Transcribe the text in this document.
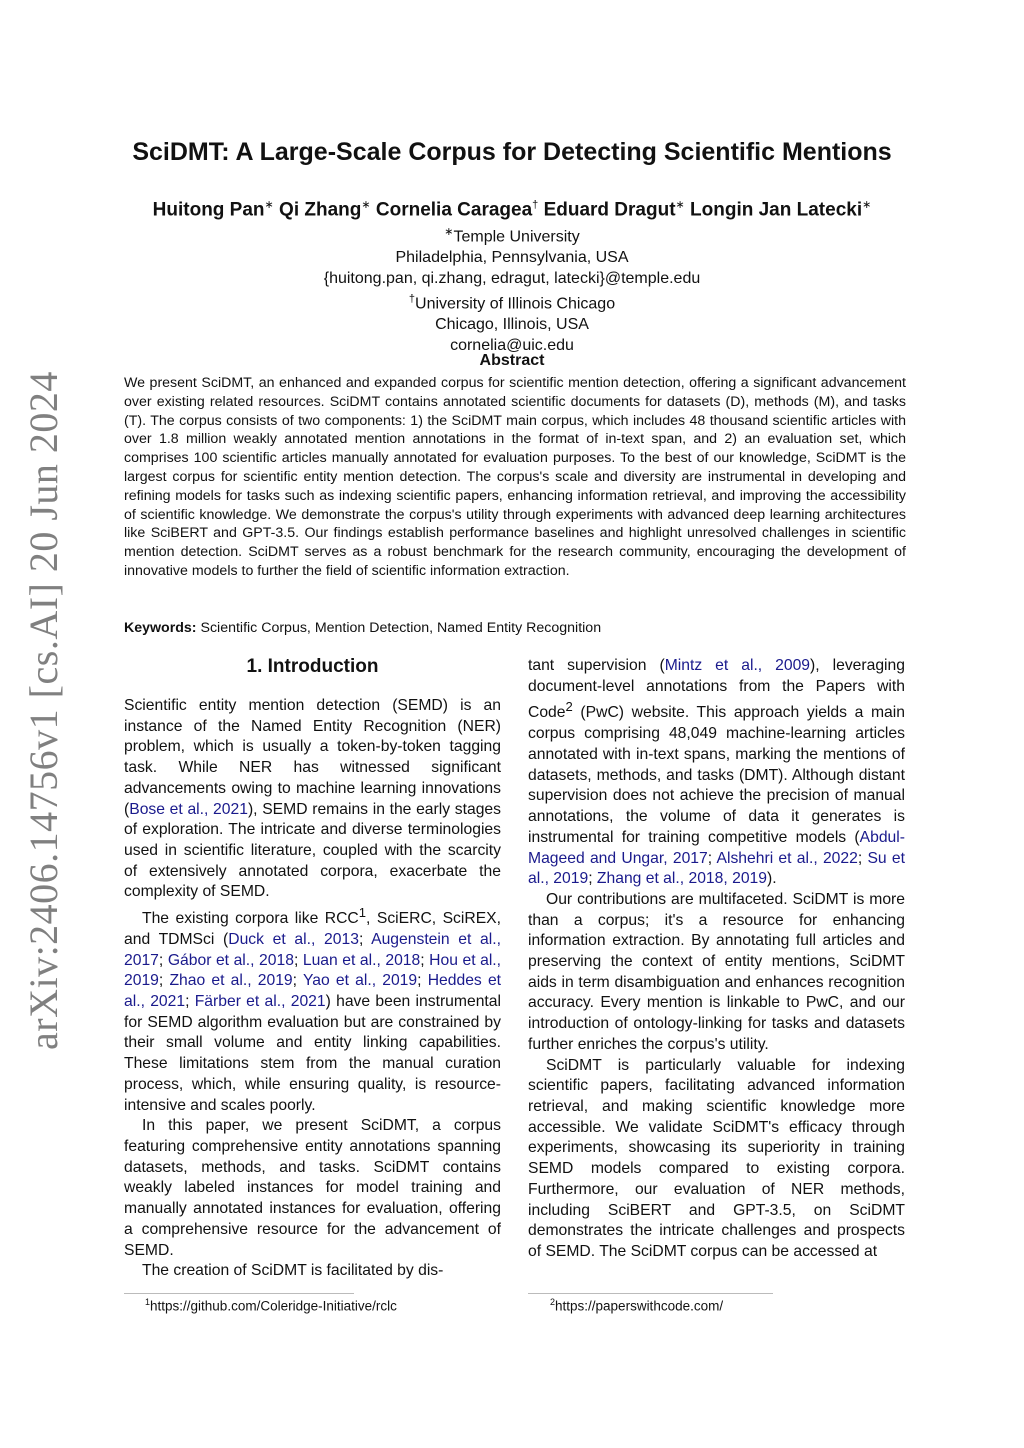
arXiv:2406.14756v1 [cs.AI] 20 Jun 2024
SciDMT: A Large-Scale Corpus for Detecting Scientific Mentions
Huitong Pan∗ Qi Zhang∗ Cornelia Caragea† Eduard Dragut∗ Longin Jan Latecki∗
∗Temple University
Philadelphia, Pennsylvania, USA
{huitong.pan, qi.zhang, edragut, latecki}@temple.edu
†University of Illinois Chicago
Chicago, Illinois, USA
cornelia@uic.edu
Abstract
We present SciDMT, an enhanced and expanded corpus for scientific mention detection, offering a significant advancement over existing related resources. SciDMT contains annotated scientific documents for datasets (D), methods (M), and tasks (T). The corpus consists of two components: 1) the SciDMT main corpus, which includes 48 thousand scientific articles with over 1.8 million weakly annotated mention annotations in the format of in-text span, and 2) an evaluation set, which comprises 100 scientific articles manually annotated for evaluation purposes. To the best of our knowledge, SciDMT is the largest corpus for scientific entity mention detection. The corpus's scale and diversity are instrumental in developing and refining models for tasks such as indexing scientific papers, enhancing information retrieval, and improving the accessibility of scientific knowledge. We demonstrate the corpus's utility through experiments with advanced deep learning architectures like SciBERT and GPT-3.5. Our findings establish performance baselines and highlight unresolved challenges in scientific mention detection. SciDMT serves as a robust benchmark for the research community, encouraging the development of innovative models to further the field of scientific information extraction.
Keywords: Scientific Corpus, Mention Detection, Named Entity Recognition
1. Introduction

Scientific entity mention detection (SEMD) is an instance of the Named Entity Recognition (NER) problem, which is usually a token-by-token tagging task. While NER has witnessed significant advancements owing to machine learning innovations (Bose et al., 2021), SEMD remains in the early stages of exploration. The intricate and diverse terminologies used in scientific literature, coupled with the scarcity of extensively annotated corpora, exacerbate the complexity of SEMD.

The existing corpora like RCC$^1$, SciERC, SciREX, and TDMSci (Duck et al., 2013; Augenstein et al., 2017; Gábor et al., 2018; Luan et al., 2018; Hou et al., 2019; Zhao et al., 2019; Yao et al., 2019; Heddes et al., 2021; Färber et al., 2021) have been instrumental for SEMD algorithm evaluation but are constrained by their small volume and entity linking capabilities. These limitations stem from the manual curation process, which, while ensuring quality, is resource-intensive and scales poorly.

In this paper, we present SciDMT, a corpus featuring comprehensive entity annotations spanning datasets, methods, and tasks. SciDMT contains weakly labeled instances for model training and manually annotated instances for evaluation, offering a comprehensive resource for the advancement of SEMD.

The creation of SciDMT is facilitated by dis-

tant supervision (Mintz et al., 2009), leveraging document-level annotations from the Papers with Code$^2$ (PwC) website. This approach yields a main corpus comprising 48,049 machine-learning articles annotated with in-text spans, marking the mentions of datasets, methods, and tasks (DMT). Although distant supervision does not achieve the precision of manual annotations, the volume of data it generates is instrumental for training competitive models (Abdul-Mageed and Ungar, 2017; Alshehri et al., 2022; Su et al., 2019; Zhang et al., 2018, 2019).

Our contributions are multifaceted. SciDMT is more than a corpus; it's a resource for enhancing information extraction. By annotating full articles and preserving the context of entity mentions, SciDMT aids in term disambiguation and enhances recognition accuracy. Every mention is linkable to PwC, and our introduction of ontology-linking for tasks and datasets further enriches the corpus's utility.

SciDMT is particularly valuable for indexing scientific papers, facilitating advanced information retrieval, and making scientific knowledge more accessible. We validate SciDMT's efficacy through experiments, showcasing its superiority in training SEMD models compared to existing corpora. Furthermore, our evaluation of NER methods, including SciBERT and GPT-3.5, on SciDMT demonstrates the intricate challenges and prospects of SEMD. The SciDMT corpus can be accessed at

$^1$https://github.com/Coleridge-Initiative/rclc	$^2$https://paperswithcode.com/
